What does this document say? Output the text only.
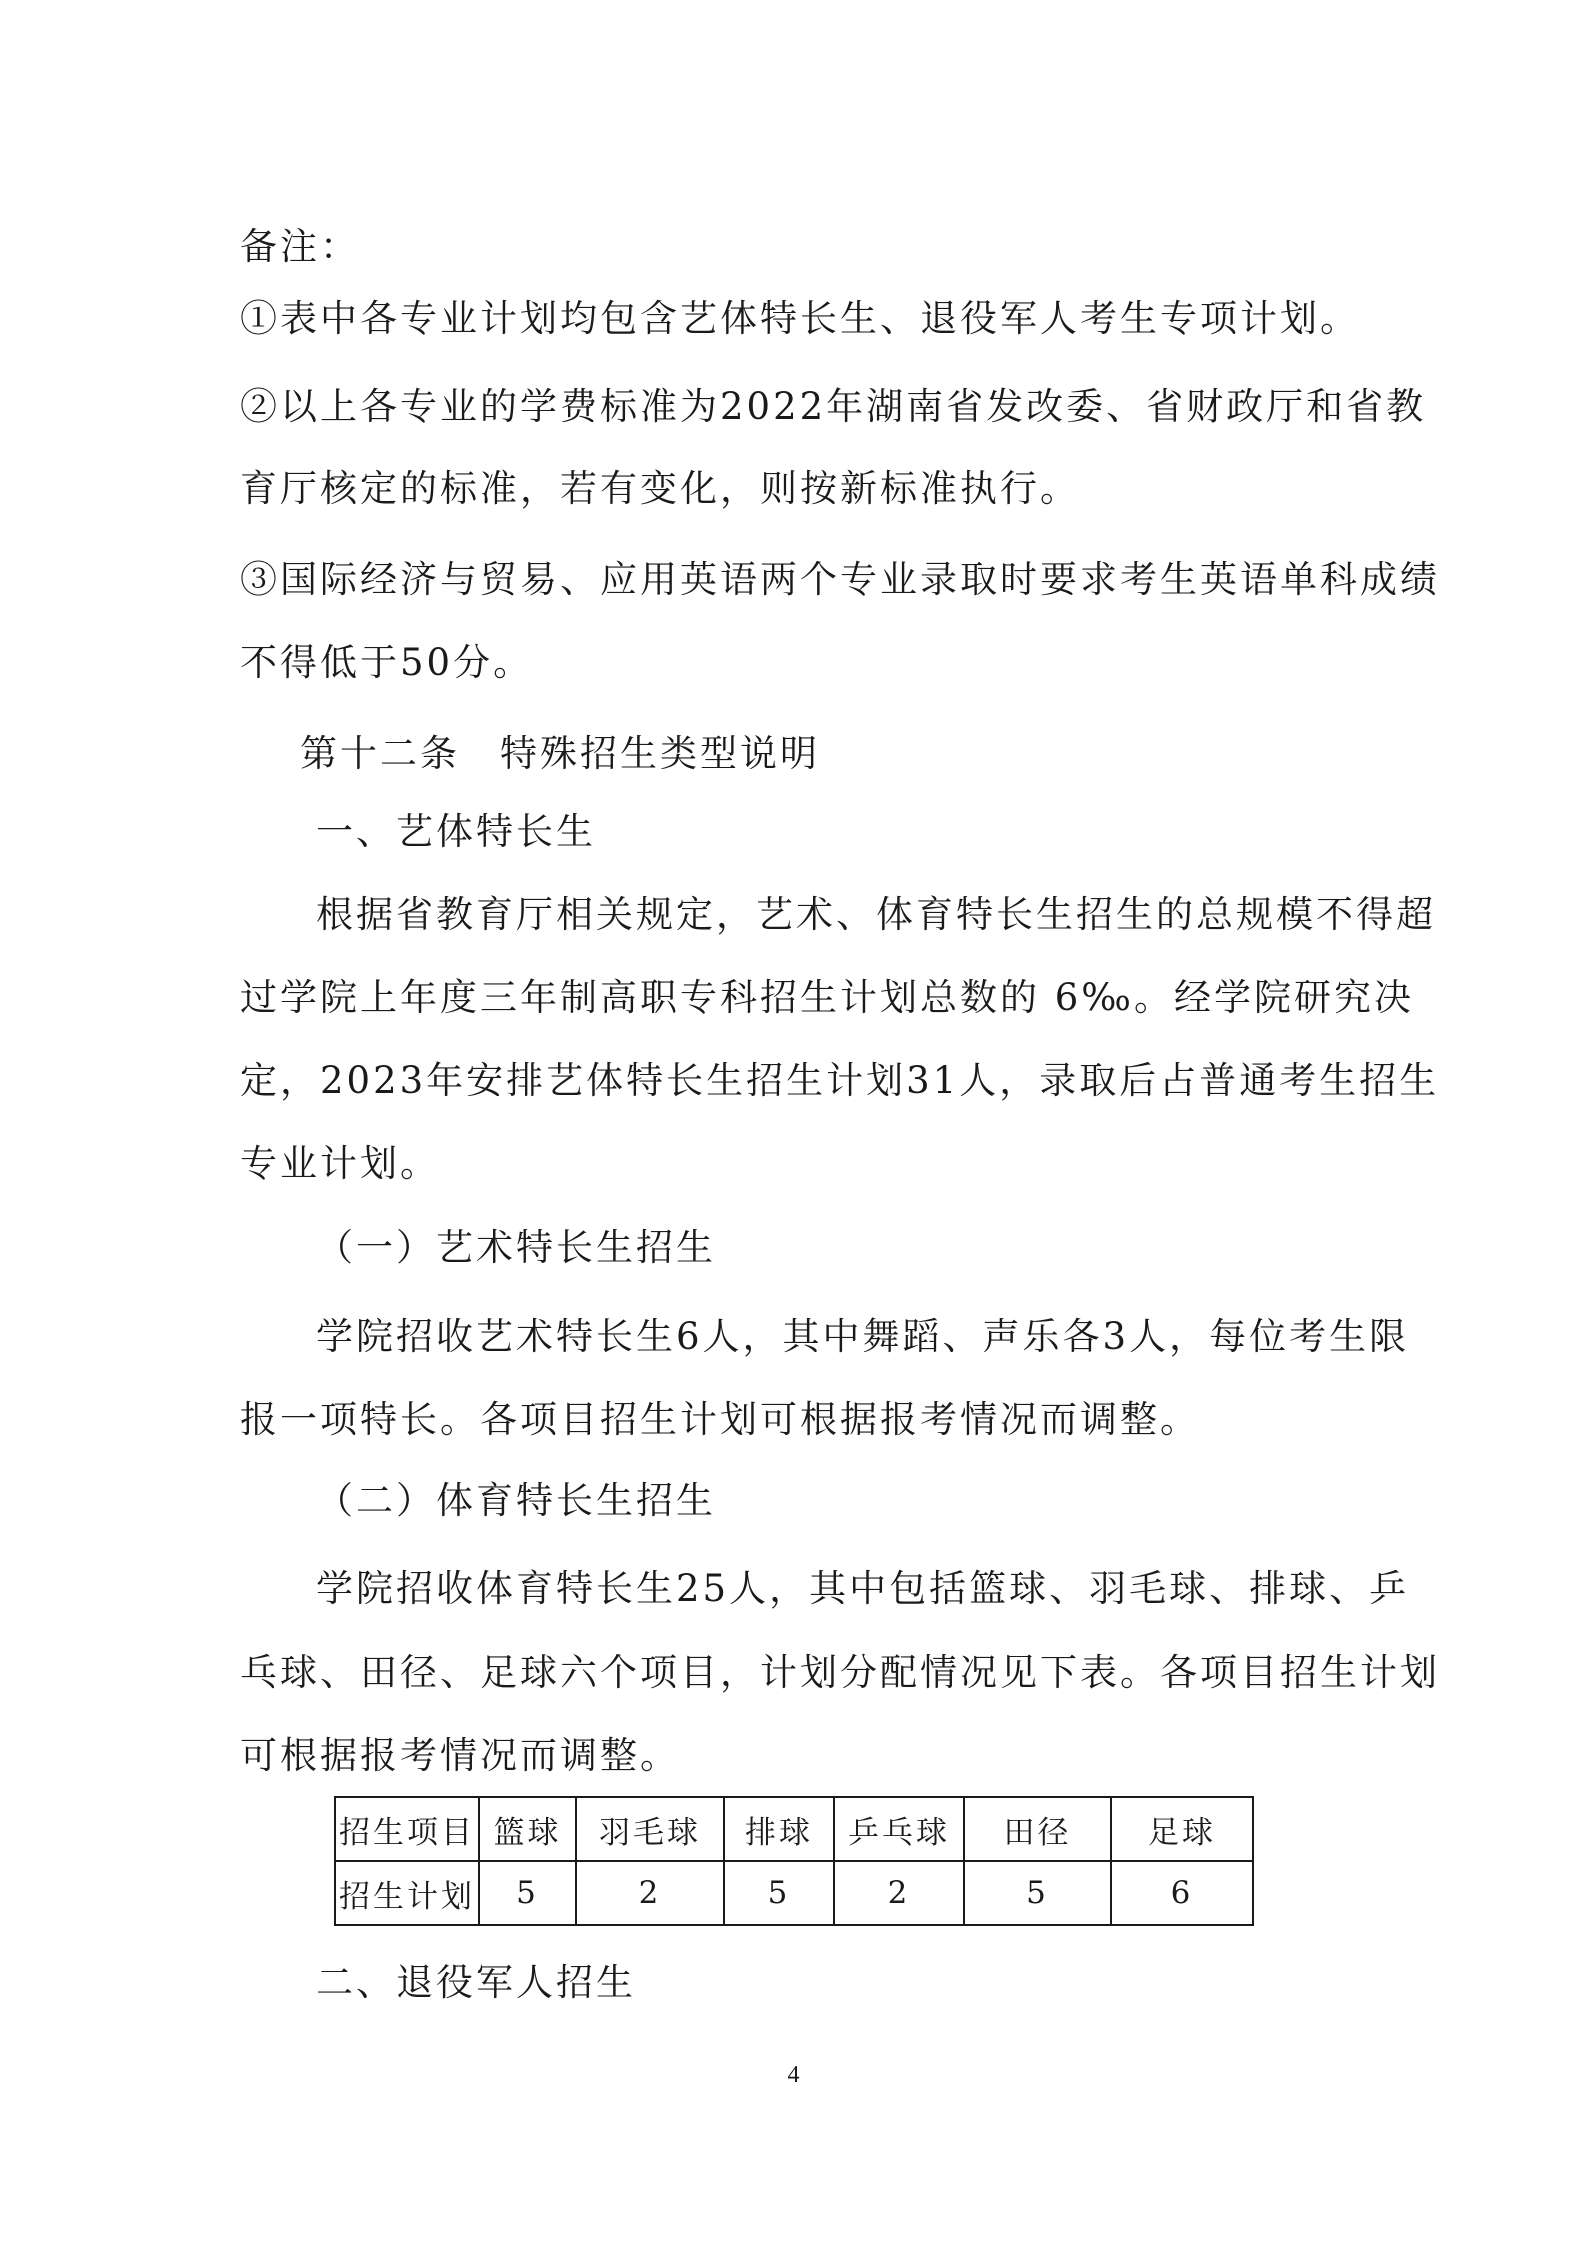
备注：
①表中各专业计划均包含艺体特长生、退役军人考生专项计划。
②以上各专业的学费标准为2022年湖南省发改委、省财政厅和省教
育厅核定的标准，若有变化，则按新标准执行。
③国际经济与贸易、应用英语两个专业录取时要求考生英语单科成绩
不得低于50分。
第十二条　特殊招生类型说明
一、艺体特长生
根据省教育厅相关规定，艺术、体育特长生招生的总规模不得超
过学院上年度三年制高职专科招生计划总数的 6‰。经学院研究决
定，2023年安排艺体特长生招生计划31人，录取后占普通考生招生
专业计划。
（一）艺术特长生招生
学院招收艺术特长生6人，其中舞蹈、声乐各3人，每位考生限
报一项特长。各项目招生计划可根据报考情况而调整。
（二）体育特长生招生
学院招收体育特长生25人，其中包括篮球、羽毛球、排球、乒
乓球、田径、足球六个项目，计划分配情况见下表。各项目招生计划
可根据报考情况而调整。
招生项目	篮球	羽毛球	排球	乒乓球	田径	足球
招生计划	5	2	5	2	5	6
二、退役军人招生
4
